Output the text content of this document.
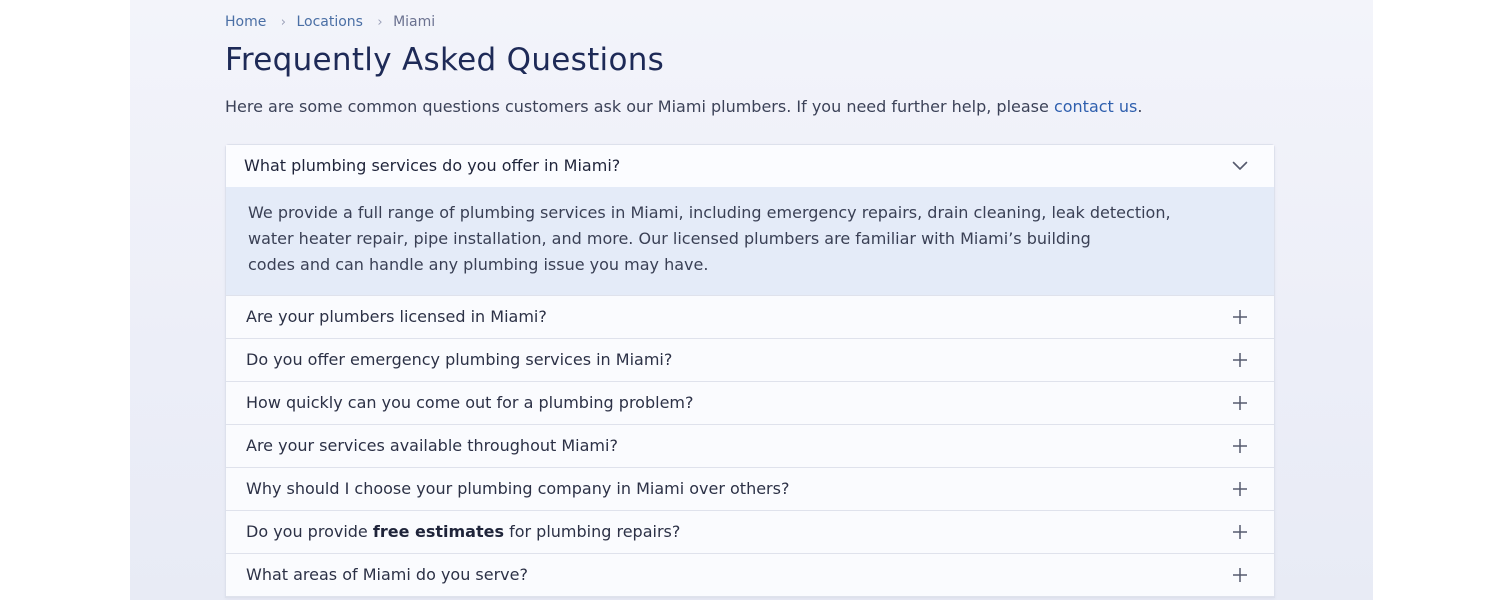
Home › Locations › Miami
Frequently Asked Questions

Here are some common questions customers ask our Miami plumbers. If you need further help, please contact us.

What plumbing services do you offer in Miami?

We provide a full range of plumbing services in Miami, including emergency repairs, drain cleaning, leak detection,

water heater repair, pipe installation, and more. Our licensed plumbers are familiar with Miami’s building

codes and can handle any plumbing issue you may have.

Are your plumbers licensed in Miami?
Do you offer emergency plumbing services in Miami?
How quickly can you come out for a plumbing problem?
Are your services available throughout Miami?
Why should I choose your plumbing company in Miami over others?
Do you provide free estimates for plumbing repairs?
What areas of Miami do you serve?
